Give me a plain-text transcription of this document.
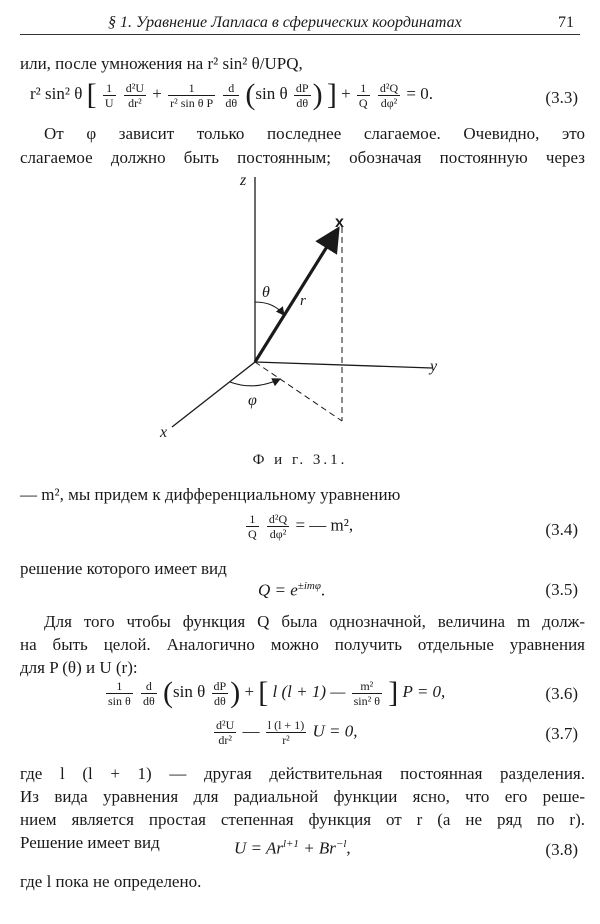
§ 1. Уравнение Лапласа в сферических координатах	71
или, после умножения на r² sin² θ/UPQ,
r² sin² θ [ $\frac{1}{U}$
$\frac{\text{d²U}}{\text{dr²}} + \frac{1}{\text{r² sin θ P}}$
$\frac{d}{d\theta} (\sin$ θ $\frac{dP}{d\theta}$ ) ] + $\frac{1}{Q}$
$\frac{\text{d²Q}}{\text{dφ²}} = 0$.	(3.3)
От φ зависит только последнее слагаемое. Очевидно, это
слагаемое должно быть постоянным; обозначая постоянную через
z
y
x
x
θ r
φ
Ф и г. 3.1.
— m², мы придем к дифференциальному уравнению
$\frac{1}{Q}$
$\frac{\text{d²Q}}{\text{dφ²}}$ = — m²,	(3.4)
решение которого имеет вид
$Q = e^{\pm im\varphi}$.	(3.5)
Для того чтобы функция Q была однозначной, величина m долж-
на быть целой. Аналогично можно получить отдельные уравнения
для P (θ) и U (r):
$\frac{1}{\text{sin θ}}$
$\frac{d}{d\theta} (\sin$ θ $\frac{dP}{d\theta}$ ) + [ l (l + 1) — $\frac{\text{m²}}{\text{sin² θ}}$ ] P = 0,	(3.6)
$\frac{\text{d²U}}{\text{dr²}}$ — $\frac{l (l + 1)}{\text{r²}}$ U = 0,	(3.7)
где l (l + 1) — другая действительная постоянная разделения.
Из вида уравнения для радиальной функции ясно, что его реше-
нием является простая степенная функция от r (а не ряд по r).
Решение имеет вид	$U = Ar^{l+1} + Br^{-l}$,	(3.8)
где l пока не определено.
